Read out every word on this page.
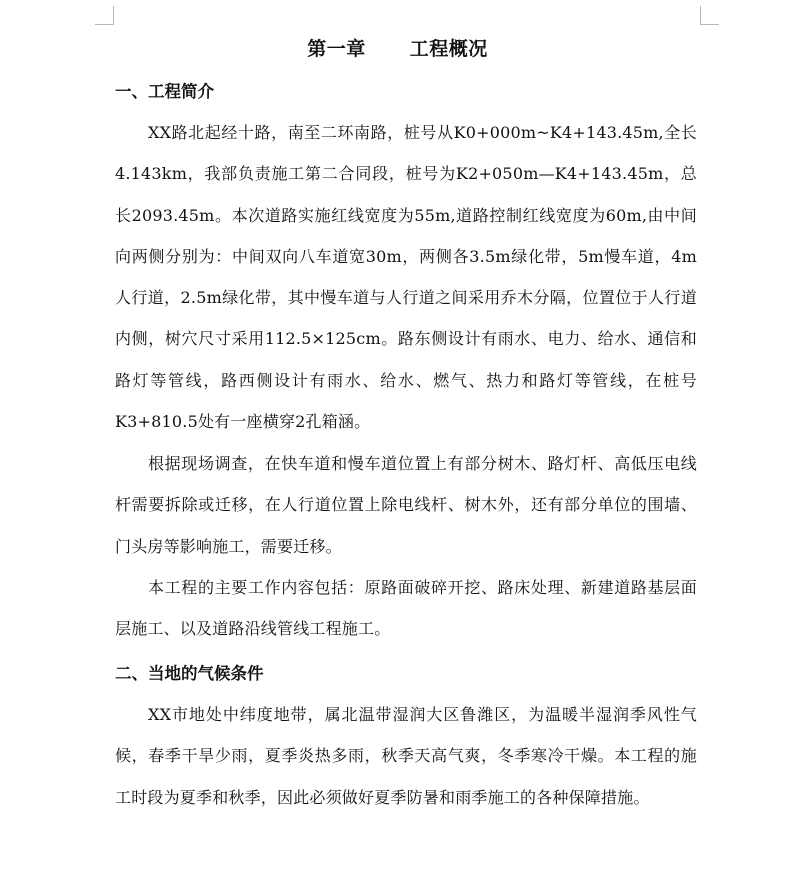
第一章 工程概况
一、工程简介
XX路北起经十路，南至二环南路，桩号从K0+000m~K4+143.45m,全长4.143km，我部负责施工第二合同段，桩号为K2+050m—K4+143.45m，总长2093.45m。本次道路实施红线宽度为55m,道路控制红线宽度为60m,由中间向两侧分别为：中间双向八车道宽30m，两侧各3.5m绿化带，5m慢车道，4m人行道，2.5m绿化带，其中慢车道与人行道之间采用乔木分隔，位置位于人行道内侧，树穴尺寸采用112.5×125cm。路东侧设计有雨水、电力、给水、通信和路灯等管线，路西侧设计有雨水、给水、燃气、热力和路灯等管线，在桩号K3+810.5处有一座横穿2孔箱涵。
根据现场调查，在快车道和慢车道位置上有部分树木、路灯杆、高低压电线杆需要拆除或迁移，在人行道位置上除电线杆、树木外，还有部分单位的围墙、门头房等影响施工，需要迁移。
本工程的主要工作内容包括：原路面破碎开挖、路床处理、新建道路基层面层施工、以及道路沿线管线工程施工。
二、当地的气候条件
XX市地处中纬度地带，属北温带湿润大区鲁潍区，为温暖半湿润季风性气候，春季干旱少雨，夏季炎热多雨，秋季天高气爽，冬季寒冷干燥。本工程的施工时段为夏季和秋季，因此必须做好夏季防暑和雨季施工的各种保障措施。
